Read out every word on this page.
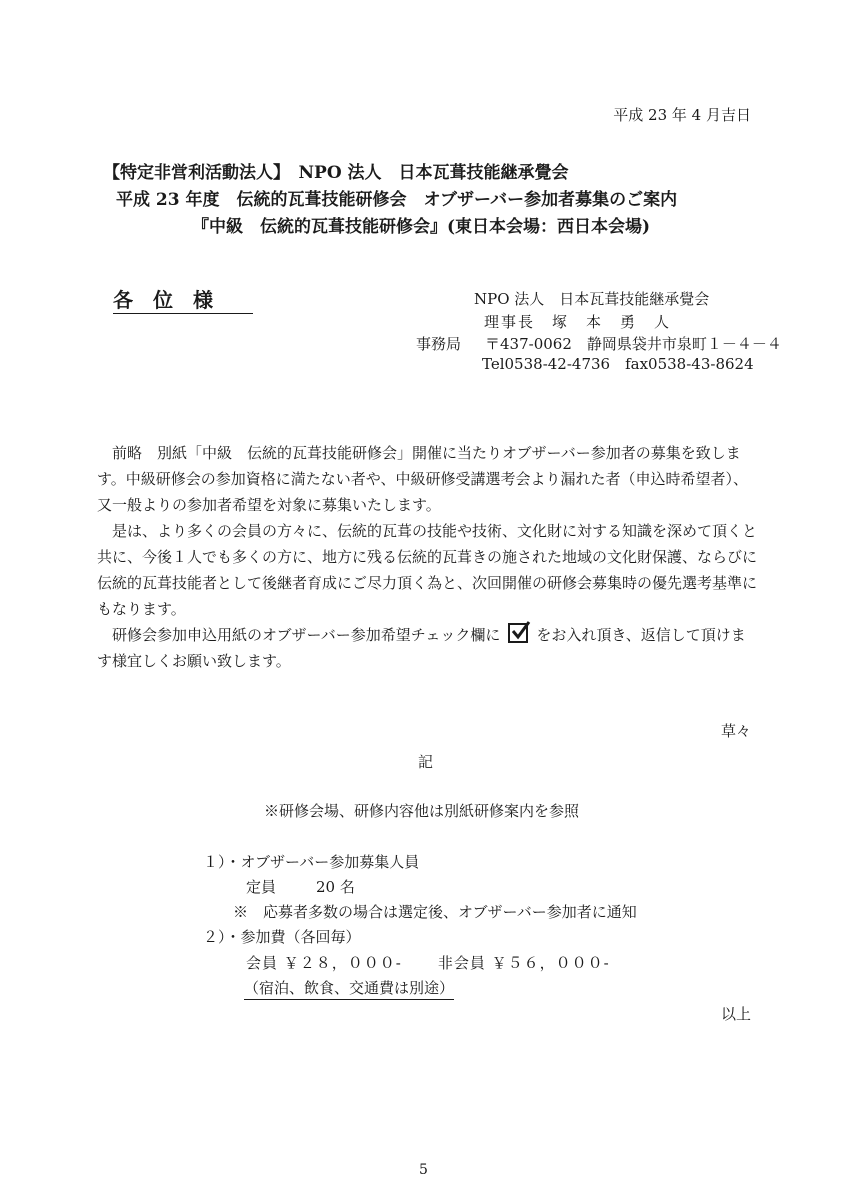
平成 23 年 4 月吉日
【特定非営利活動法人】　NPO 法人　日本瓦葺技能継承覺会
平成 23 年度　伝統的瓦葺技能研修会　オブザーバー参加者募集のご案内
『中級　伝統的瓦葺技能研修会』(東日本会場：西日本会場)
各位様	NPO 法人　日本瓦葺技能継承覺会
理事長　塚　本　勇　人
事務局 〒437-0062　静岡県袋井市泉町１－４－４
Tel0538-42-4736　fax0538-43-8624

前略　別紙「中級　伝統的瓦葺技能研修会」開催に当たりオブザーバー参加者の募集を致します。中級研修会の参加資格に満たない者や、中級研修受講選考会より漏れた者（申込時希望者）、又一般よりの参加者希望を対象に募集いたします。

是は、より多くの会員の方々に、伝統的瓦葺の技能や技術、文化財に対する知識を深めて頂くと共に、今後１人でも多くの方に、地方に残る伝統的瓦葺きの施された地域の文化財保護、ならびに伝統的瓦葺技能者として後継者育成にご尽力頂く為と、次回開催の研修会募集時の優先選考基準にもなります。

研修会参加申込用紙のオブザーバー参加希望チェック欄に をお入れ頂き、返信して頂けます様宜しくお願い致します。

草々
記
※研修会場、研修内容他は別紙研修案内を参照
１）・オブザーバー参加募集人員
定員	20 名
※　応募者多数の場合は選定後、オブザーバー参加者に通知
２）・参加費（各回毎）
会員 ￥２８，０００- 非会員 ￥５６，０００-
（宿泊、飲食、交通費は別途）
以上
5
